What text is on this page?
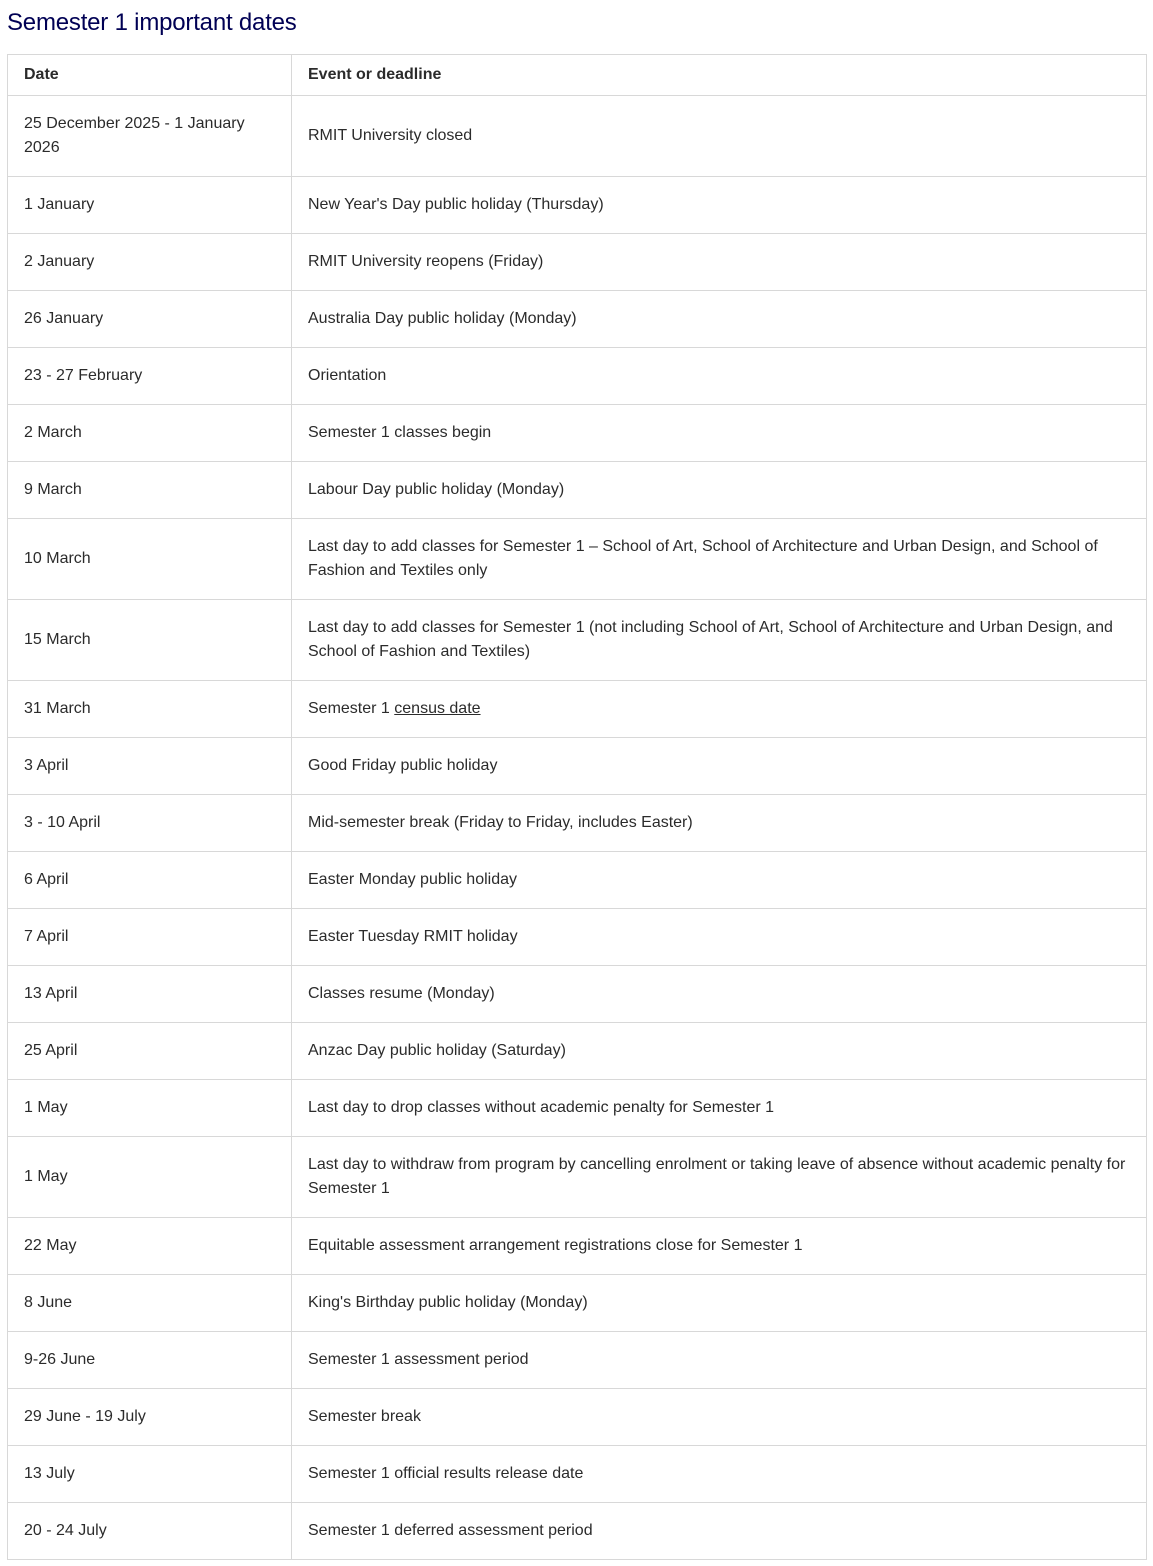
Semester 1 important dates
Date	Event or deadline
25 December 2025 - 1 January 2026	RMIT University closed
1 January	New Year's Day public holiday (Thursday)
2 January	RMIT University reopens (Friday)
26 January	Australia Day public holiday (Monday)
23 - 27 February	Orientation
2 March	Semester 1 classes begin
9 March	Labour Day public holiday (Monday)
10 March	Last day to add classes for Semester 1 – School of Art, School of Architecture and Urban Design, and School of Fashion and Textiles only
15 March	Last day to add classes for Semester 1 (not including School of Art, School of Architecture and Urban Design, and School of Fashion and Textiles)
31 March	Semester 1 census date
3 April	Good Friday public holiday
3 - 10 April	Mid-semester break (Friday to Friday, includes Easter)
6 April	Easter Monday public holiday
7 April	Easter Tuesday RMIT holiday
13 April	Classes resume (Monday)
25 April	Anzac Day public holiday (Saturday)
1 May	Last day to drop classes without academic penalty for Semester 1
1 May	Last day to withdraw from program by cancelling enrolment or taking leave of absence without academic penalty for Semester 1
22 May	Equitable assessment arrangement registrations close for Semester 1
8 June	King's Birthday public holiday (Monday)
9-26 June	Semester 1 assessment period
29 June - 19 July	Semester break
13 July	Semester 1 official results release date
20 - 24 July	Semester 1 deferred assessment period
